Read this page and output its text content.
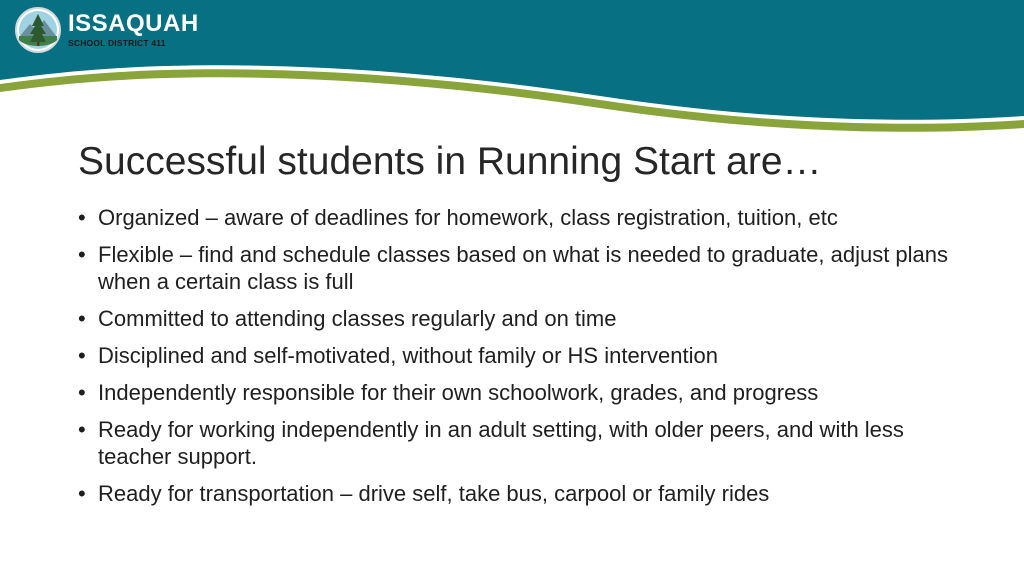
ISSAQUAH
SCHOOL DISTRICT 411
Successful students in Running Start are…
• Organized – aware of deadlines for homework, class registration, tuition, etc
• Flexible – find and schedule classes based on what is needed to graduate, adjust plans when a certain class is full
• Committed to attending classes regularly and on time
• Disciplined and self-motivated, without family or HS intervention
• Independently responsible for their own schoolwork, grades, and progress
• Ready for working independently in an adult setting, with older peers, and with less teacher support.
• Ready for transportation – drive self, take bus, carpool or family rides
